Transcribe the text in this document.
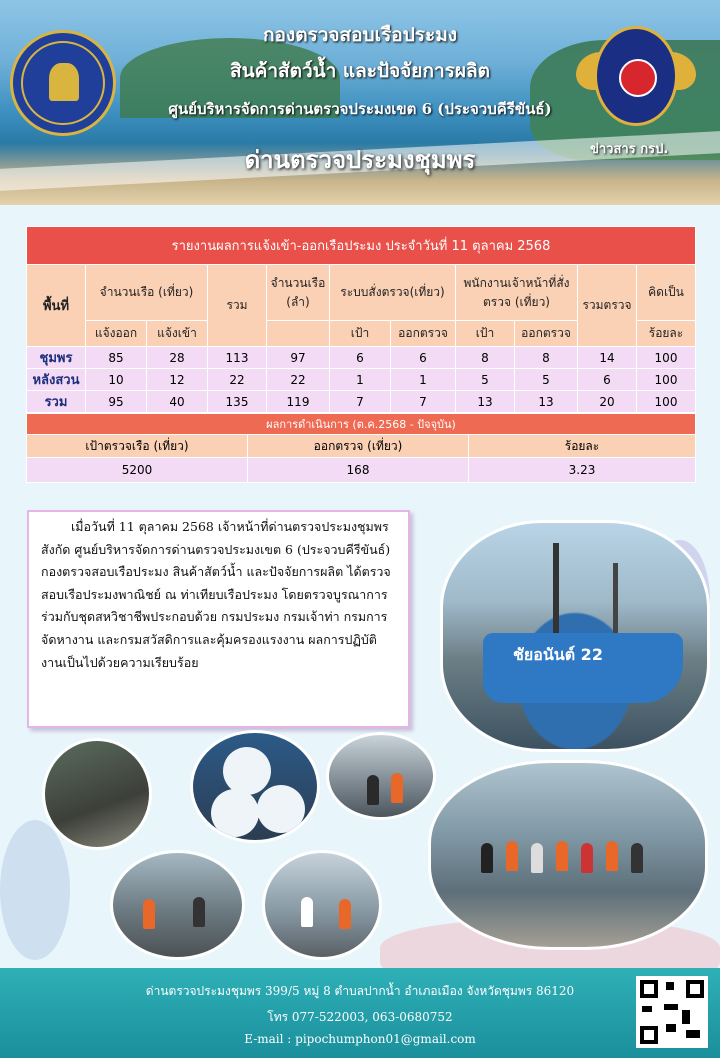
กองตรวจสอบเรือประมง
สินค้าสัตว์น้ำ และปัจจัยการผลิต
ศูนย์บริหารจัดการด่านตรวจประมงเขต 6 (ประจวบคีรีขันธ์)
ด่านตรวจประมงชุมพร	ข่าวสาร กรป.
รายงานผลการแจ้งเข้า-ออกเรือประมง ประจำวันที่ 11 ตุลาคม 2568										
พื้นที่	จำนวนเรือ (เที่ยว)		รวม	จำนวนเรือ (ลำ)	ระบบสั่งตรวจ(เที่ยว)		พนักงานเจ้าหน้าที่สั่งตรวจ (เที่ยว)		รวมตรวจ	คิดเป็น
	แจ้งออก	แจ้งเข้า			เป้า	ออกตรวจ	เป้า	ออกตรวจ		ร้อยละ
ชุมพร	85	28	113	97	6	6	8	8	14	100
หลังสวน	10	12	22	22	1	1	5	5	6	100
รวม	95	40	135	119	7	7	13	13	20	100
ผลการดำเนินการ (ต.ค.2568 - ปัจจุบัน)		
เป้าตรวจเรือ (เที่ยว)	ออกตรวจ (เที่ยว)	ร้อยละ
5200	168	3.23

เมื่อวันที่ 11 ตุลาคม 2568 เจ้าหน้าที่ด่านตรวจประมงชุมพร สังกัด ศูนย์บริหารจัดการด่านตรวจประมงเขต 6 (ประจวบคีรีขันธ์) กองตรวจสอบเรือประมง สินค้าสัตว์น้ำ และปัจจัยการผลิต ได้ตรวจสอบเรือประมงพาณิชย์ ณ ท่าเทียบเรือประมง โดยตรวจบูรณาการร่วมกับชุดสหวิชาชีพประกอบด้วย กรมประมง กรมเจ้าท่า กรมการจัดหางาน และกรมสวัสดิการและคุ้มครองแรงงาน ผลการปฏิบัติงานเป็นไปด้วยความเรียบร้อย	ชัยอนันต์ 22
ด่านตรวจประมงชุมพร 399/5 หมู่ 8 ตำบลปากน้ำ อำเภอเมือง จังหวัดชุมพร 86120
โทร 077-522003, 063-0680752
E-mail : pipochumphon01@gmail.com
